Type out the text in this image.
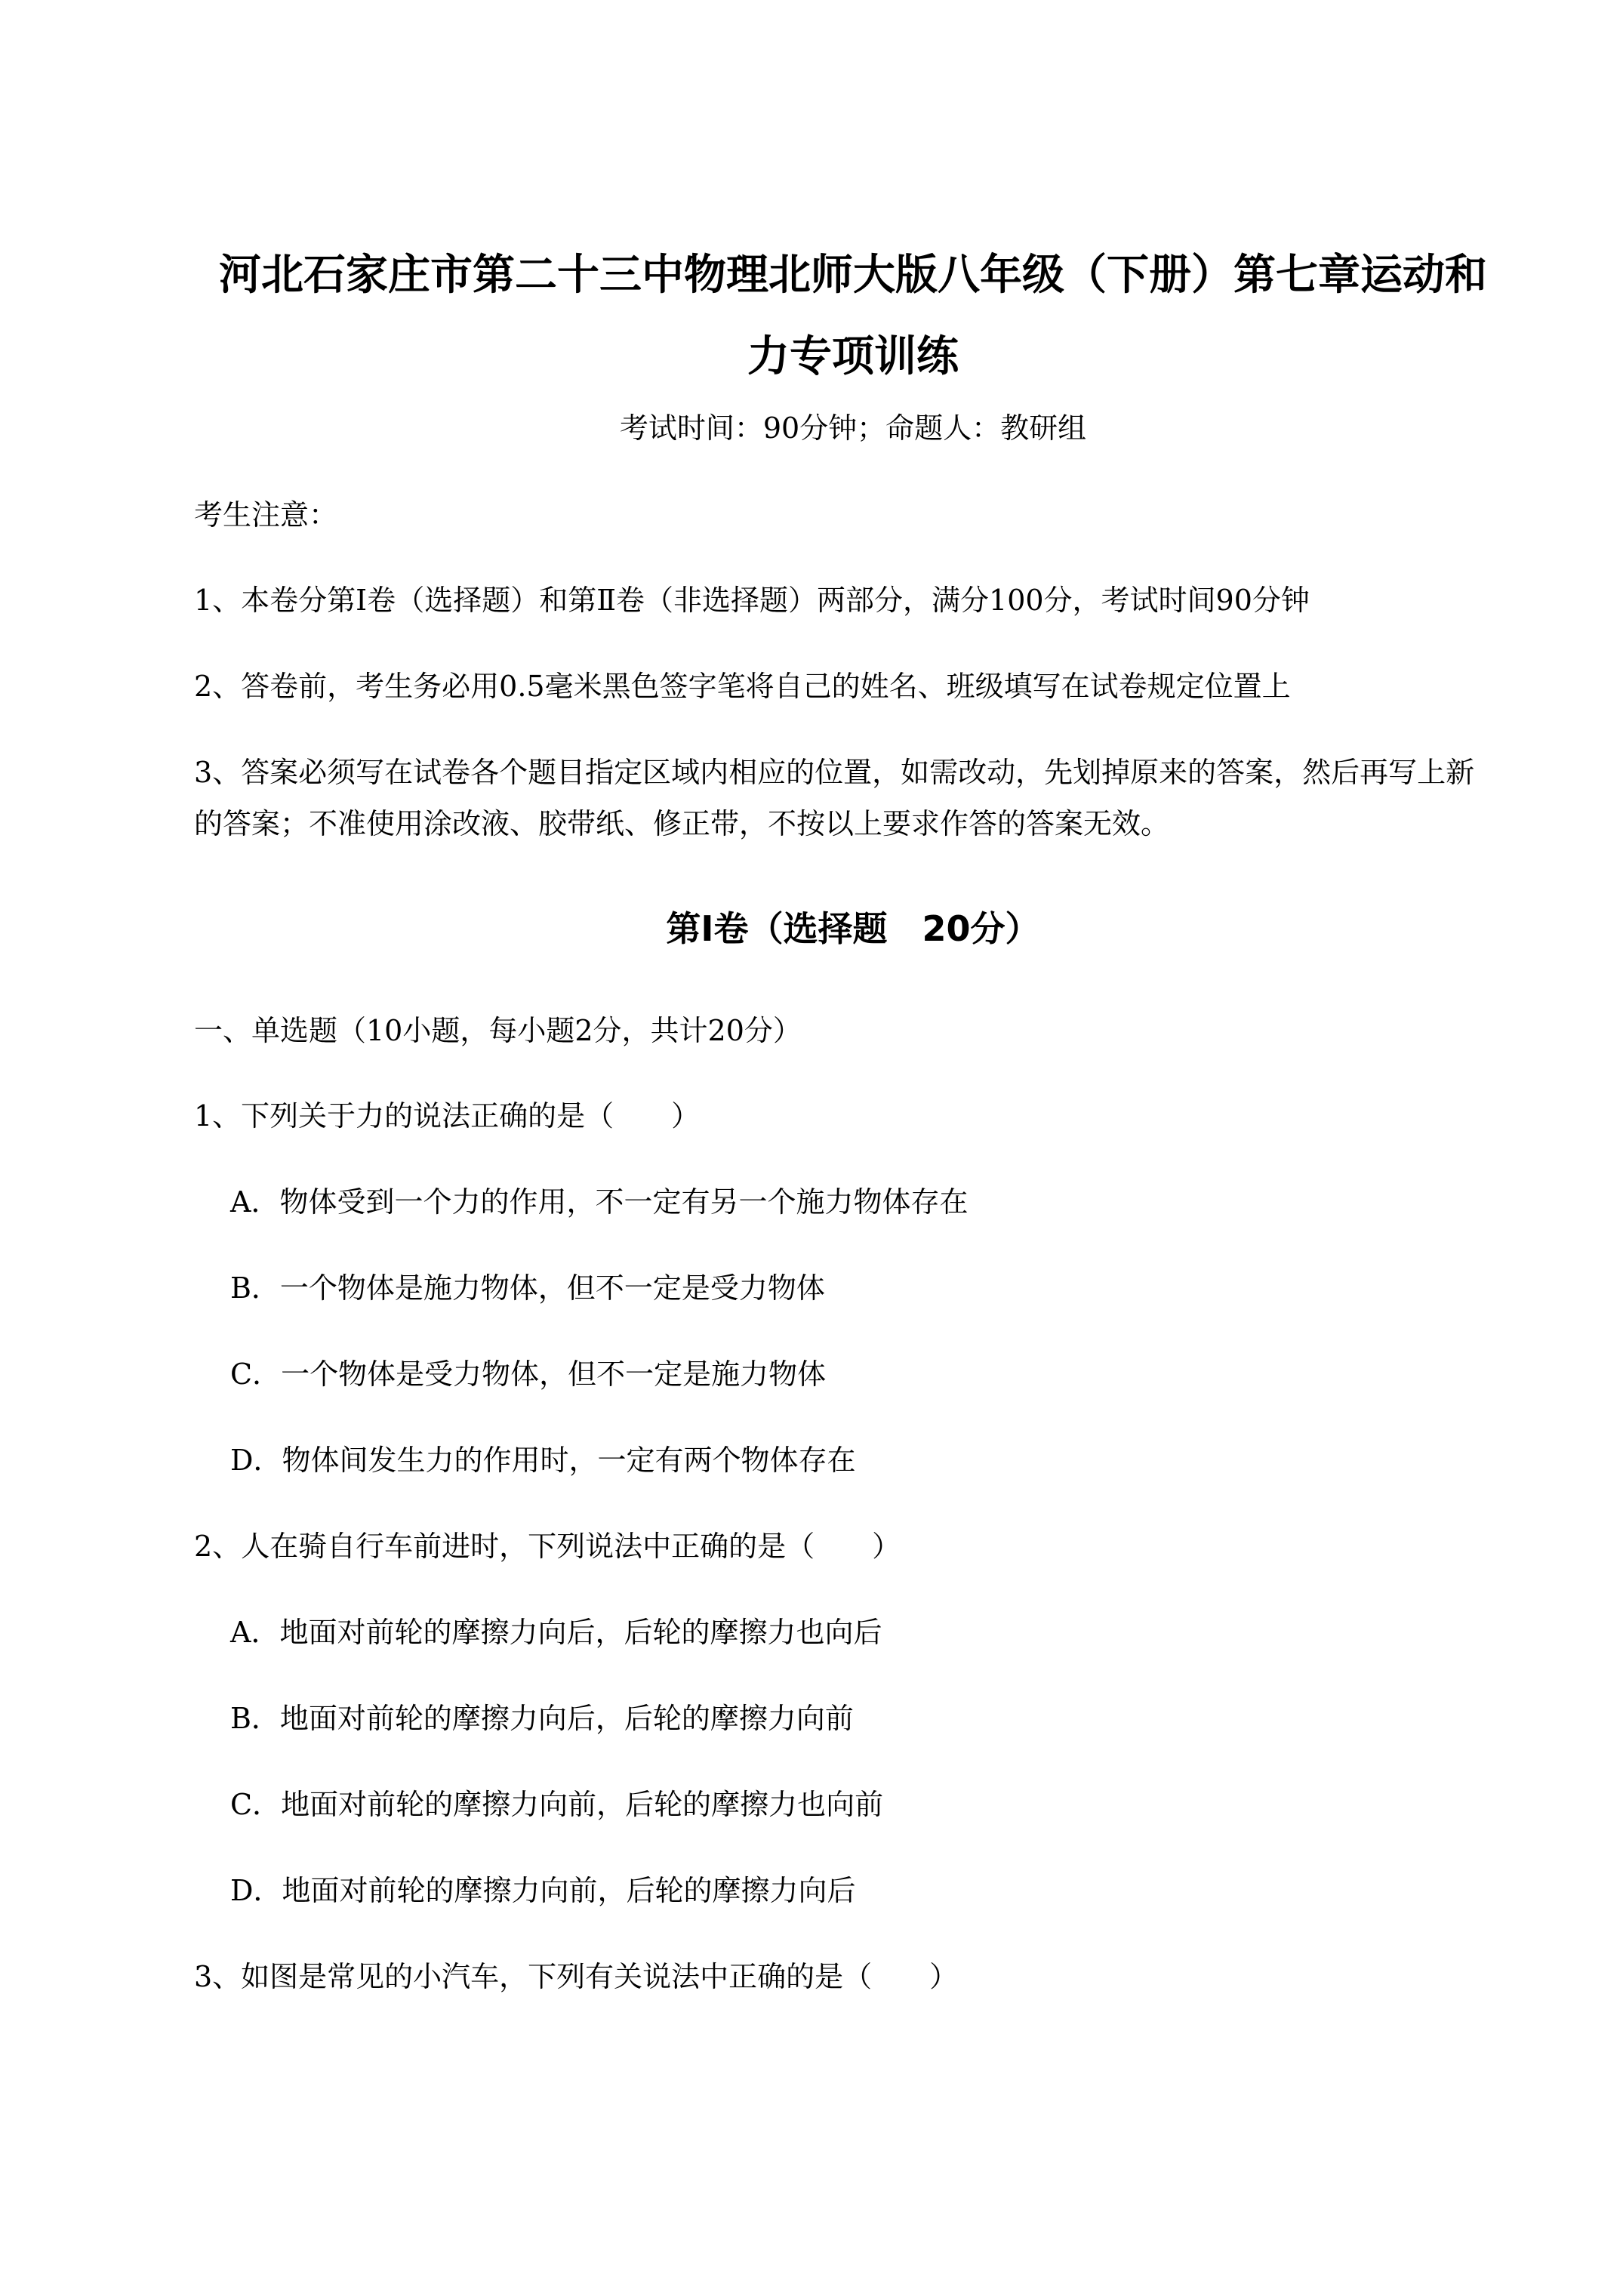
河北石家庄市第二十三中物理北师大版八年级（下册）第七章运动和
力专项训练
考试时间：90分钟；命题人：教研组
考生注意：
1、本卷分第Ⅰ卷（选择题）和第Ⅱ卷（非选择题）两部分，满分100分，考试时间90分钟
2、答卷前，考生务必用0.5毫米黑色签字笔将自己的姓名、班级填写在试卷规定位置上
3、答案必须写在试卷各个题目指定区域内相应的位置，如需改动，先划掉原来的答案，然后再写上新
的答案；不准使用涂改液、胶带纸、修正带，不按以上要求作答的答案无效。
第Ⅰ卷（选择题　20分）
一、单选题（10小题，每小题2分，共计20分）
1、下列关于力的说法正确的是（　　）
A．物体受到一个力的作用，不一定有另一个施力物体存在
B．一个物体是施力物体，但不一定是受力物体
C．一个物体是受力物体，但不一定是施力物体
D．物体间发生力的作用时，一定有两个物体存在
2、人在骑自行车前进时，下列说法中正确的是（　　）
A．地面对前轮的摩擦力向后，后轮的摩擦力也向后
B．地面对前轮的摩擦力向后，后轮的摩擦力向前
C．地面对前轮的摩擦力向前，后轮的摩擦力也向前
D．地面对前轮的摩擦力向前，后轮的摩擦力向后
3、如图是常见的小汽车，下列有关说法中正确的是（　　）
